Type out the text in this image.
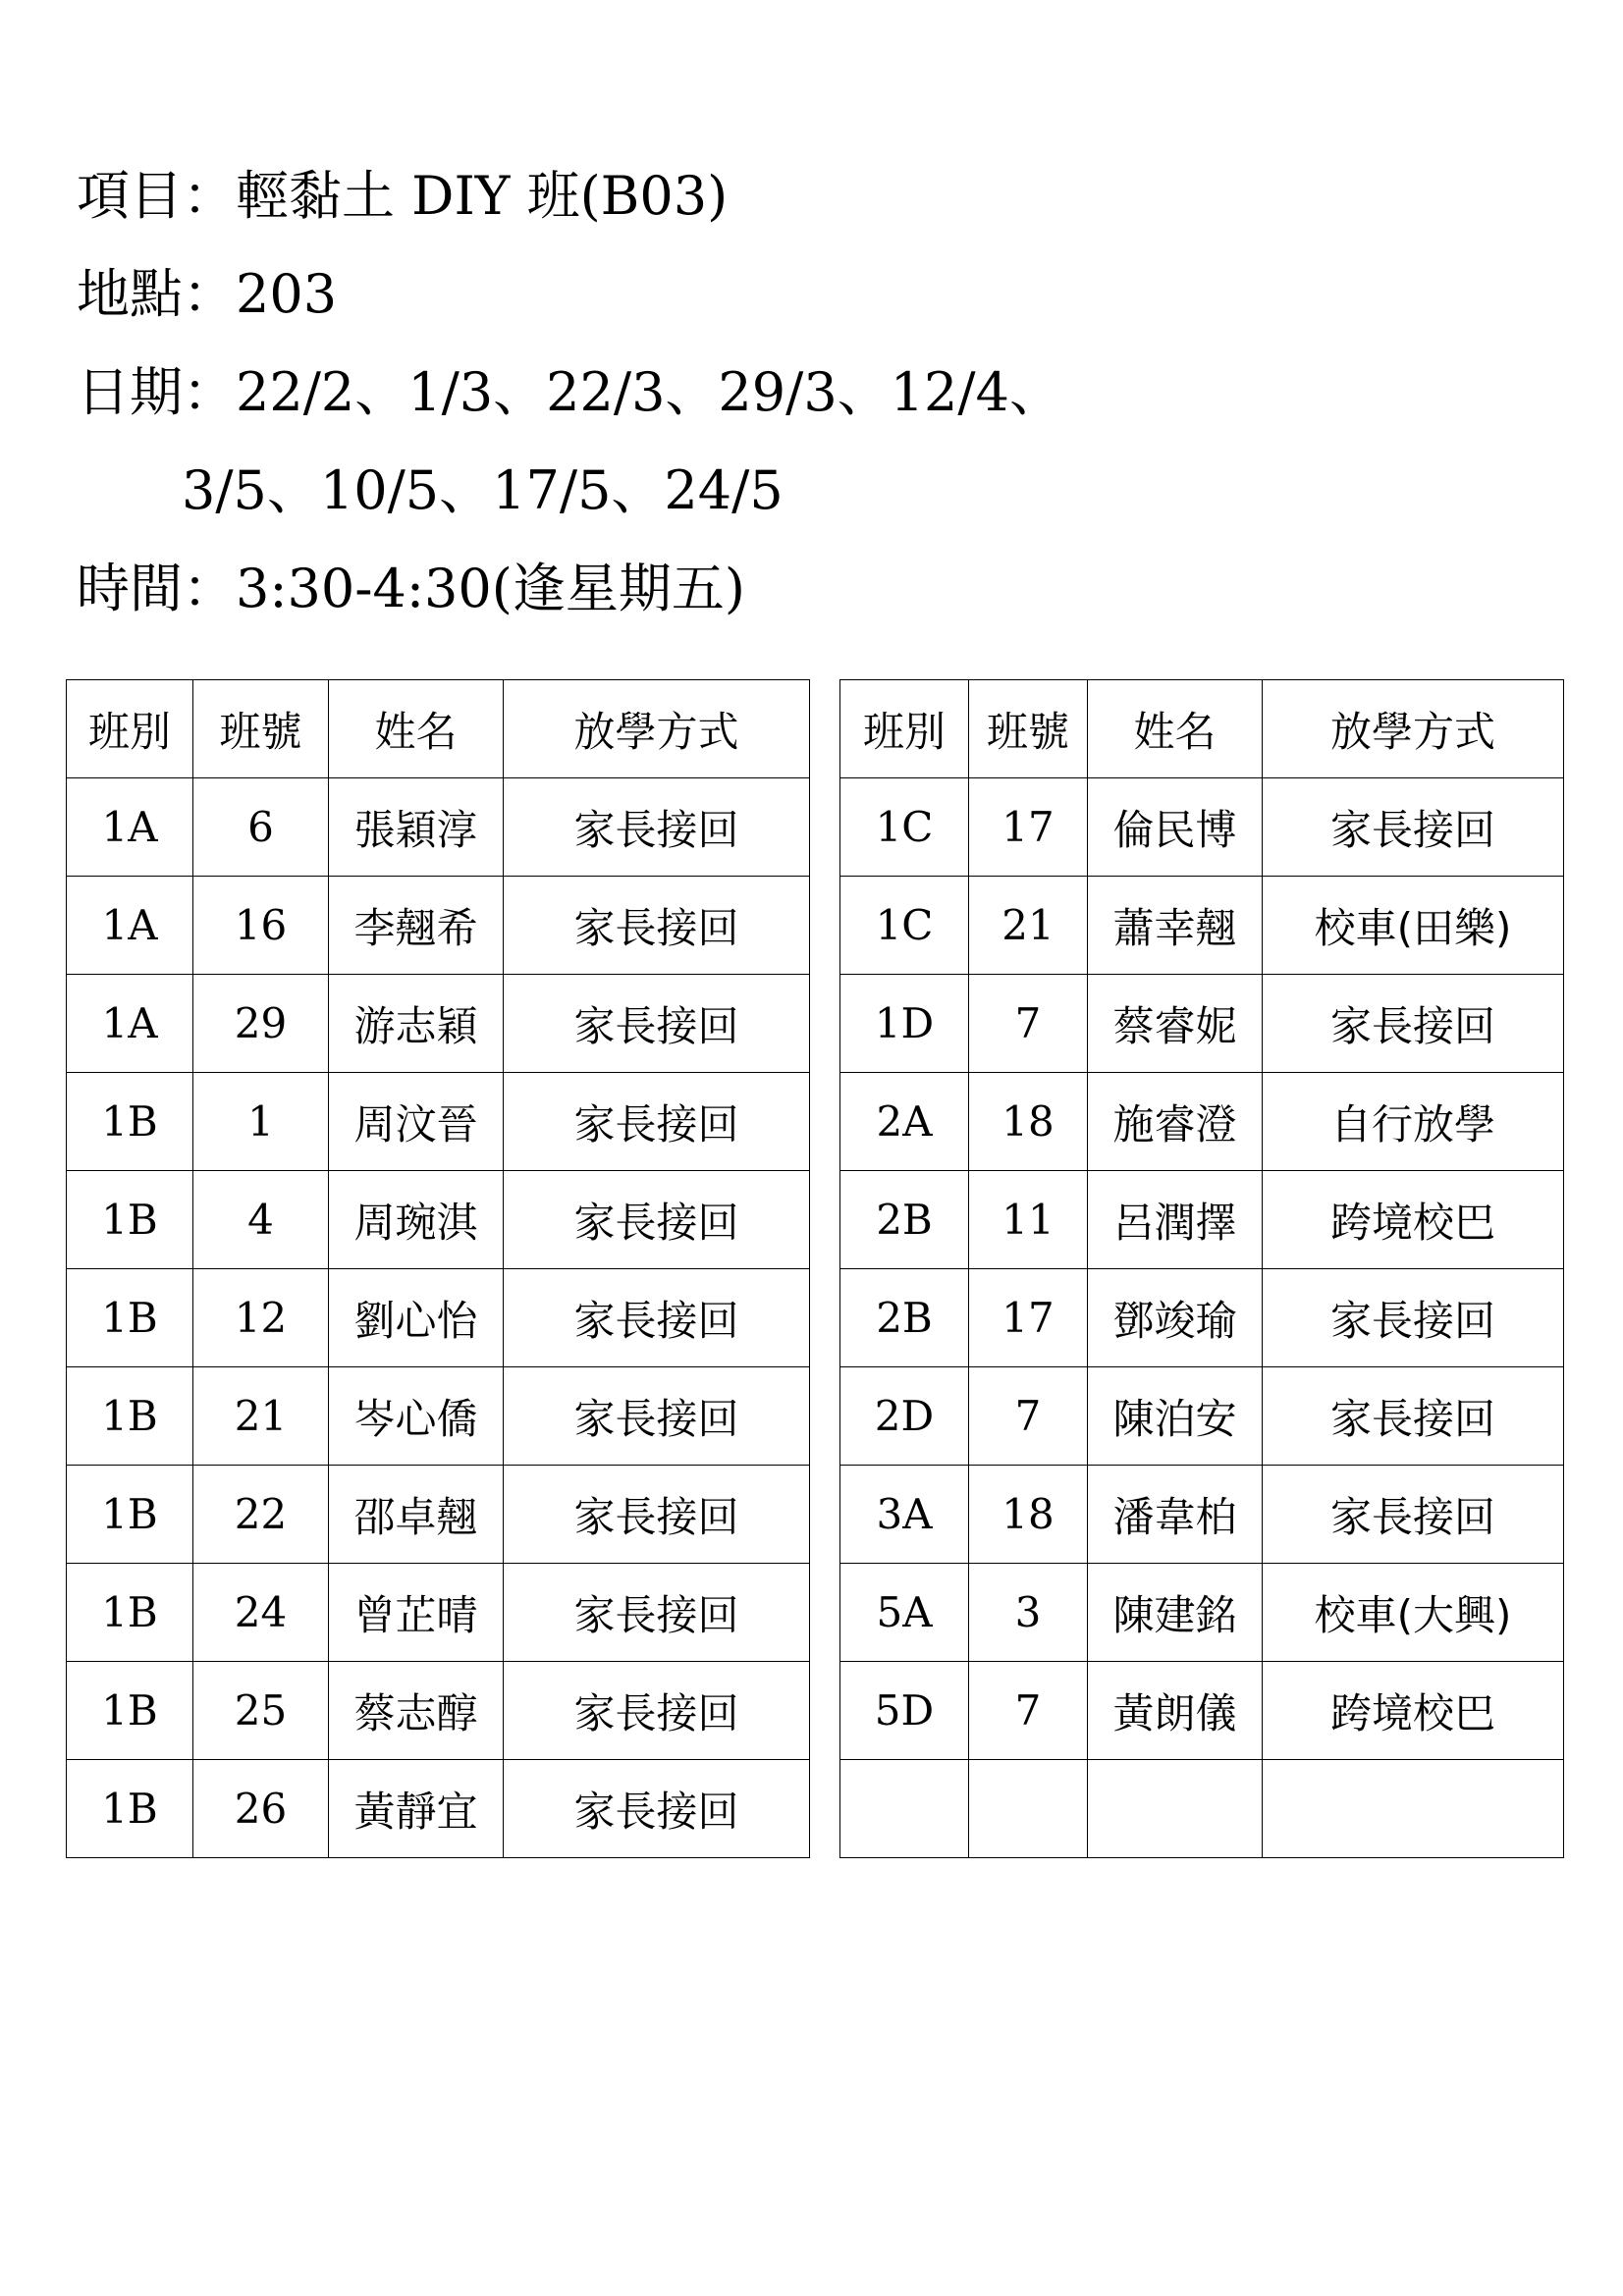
項目：輕黏土 DIY 班(B03)
地點：203
日期：22/2、1/3、22/3、29/3、12/4、
3/5、10/5、17/5、24/5
時間：3:30-4:30(逢星期五)
班別	班號	姓名	放學方式
1A	6	張穎淳	家長接回
1A	16	李翹希	家長接回
1A	29	游志穎	家長接回
1B	1	周汶晉	家長接回
1B	4	周琬淇	家長接回
1B	12	劉心怡	家長接回
1B	21	岑心僑	家長接回
1B	22	邵卓翹	家長接回
1B	24	曾芷晴	家長接回
1B	25	蔡志醇	家長接回
1B	26	黃靜宜	家長接回
班別	班號	姓名	放學方式
1C	17	倫民博	家長接回
1C	21	蕭幸翹	校車(田樂)
1D	7	蔡睿妮	家長接回
2A	18	施睿澄	自行放學
2B	11	呂潤擇	跨境校巴
2B	17	鄧竣瑜	家長接回
2D	7	陳泊安	家長接回
3A	18	潘韋柏	家長接回
5A	3	陳建銘	校車(大興)
5D	7	黃朗儀	跨境校巴
